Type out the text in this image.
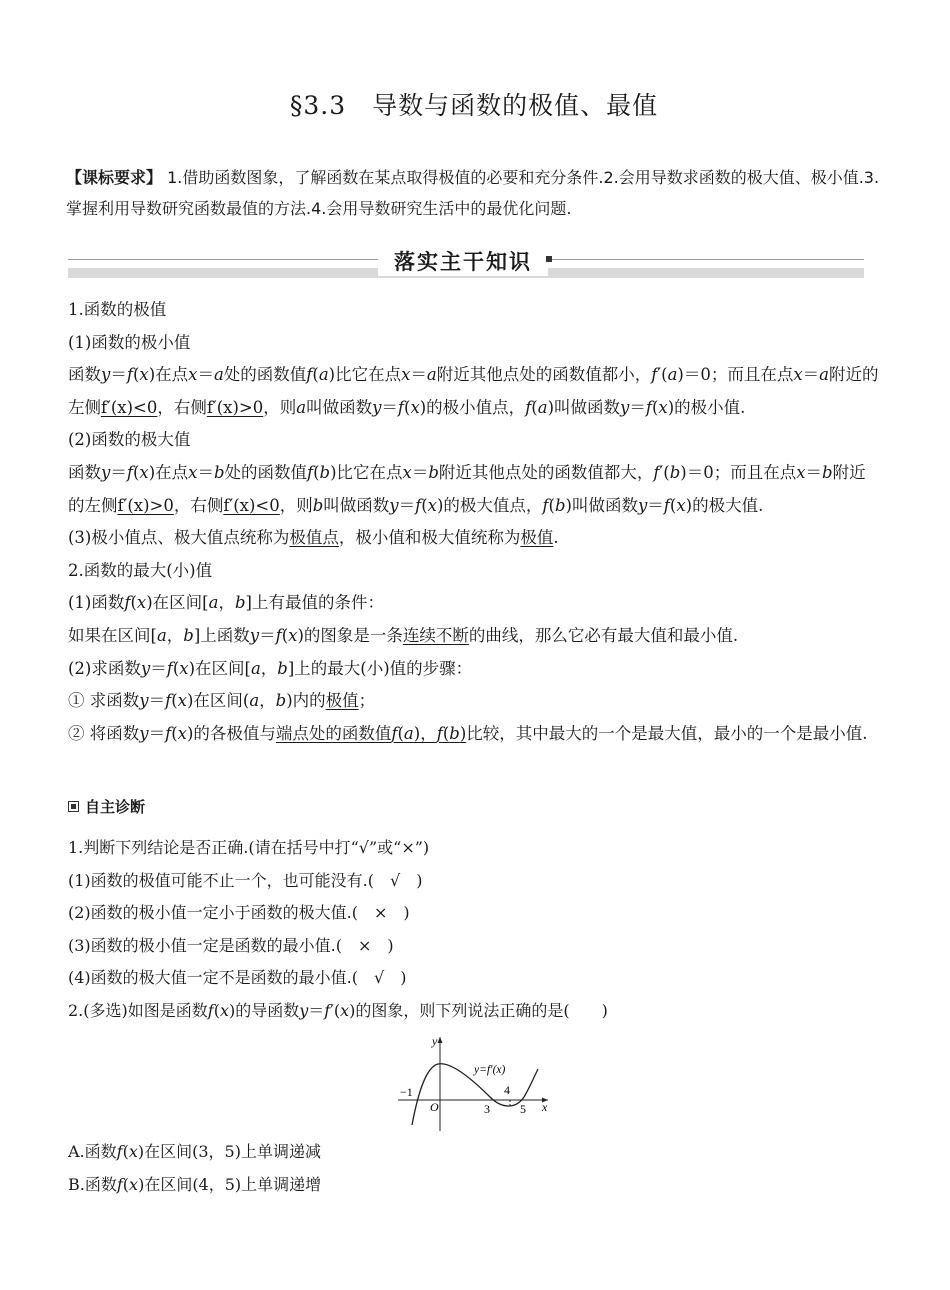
§3.3　导数与函数的极值、最值
【课标要求】 1.借助函数图象，了解函数在某点取得极值的必要和充分条件.2.会用导数求函数的极大值、极小值.3.掌握利用导数研究函数最值的方法.4.会用导数研究生活中的最优化问题.
落实主干知识

1.函数的极值

(1)函数的极小值

函数y＝f(x)在点x＝a处的函数值f(a)比它在点x＝a附近其他点处的函数值都小，f′(a)＝0；而且在点x＝a附近的左侧f′(x)<0，右侧f′(x)>0，则a叫做函数y＝f(x)的极小值点，f(a)叫做函数y＝f(x)的极小值.

(2)函数的极大值

函数y＝f(x)在点x＝b处的函数值f(b)比它在点x＝b附近其他点处的函数值都大，f′(b)＝0；而且在点x＝b附近的左侧f′(x)>0，右侧f′(x)<0，则b叫做函数y＝f(x)的极大值点，f(b)叫做函数y＝f(x)的极大值.

(3)极小值点、极大值点统称为极值点，极小值和极大值统称为极值.

2.函数的最大(小)值

(1)函数f(x)在区间[a，b]上有最值的条件：

如果在区间[a，b]上函数y＝f(x)的图象是一条连续不断的曲线，那么它必有最大值和最小值.

(2)求函数y＝f(x)在区间[a，b]上的最大(小)值的步骤：

① 求函数y＝f(x)在区间(a，b)内的极值；

② 将函数y＝f(x)的各极值与端点处的函数值f(a)，f(b)比较，其中最大的一个是最大值，最小的一个是最小值.

自主诊断

1.判断下列结论是否正确.(请在括号中打“√”或“×”)

(1)函数的极值可能不止一个，也可能没有.(　√　)

(2)函数的极小值一定小于函数的极大值.(　×　)

(3)函数的极小值一定是函数的最小值.(　×　)

(4)函数的极大值一定不是函数的最小值.(　√　)

2.(多选)如图是函数f(x)的导函数y＝f′(x)的图象，则下列说法正确的是(　　)

y
x
O
y=f′(x)
−1
3
4
5

A.函数f(x)在区间(3，5)上单调递减

B.函数f(x)在区间(4，5)上单调递增
